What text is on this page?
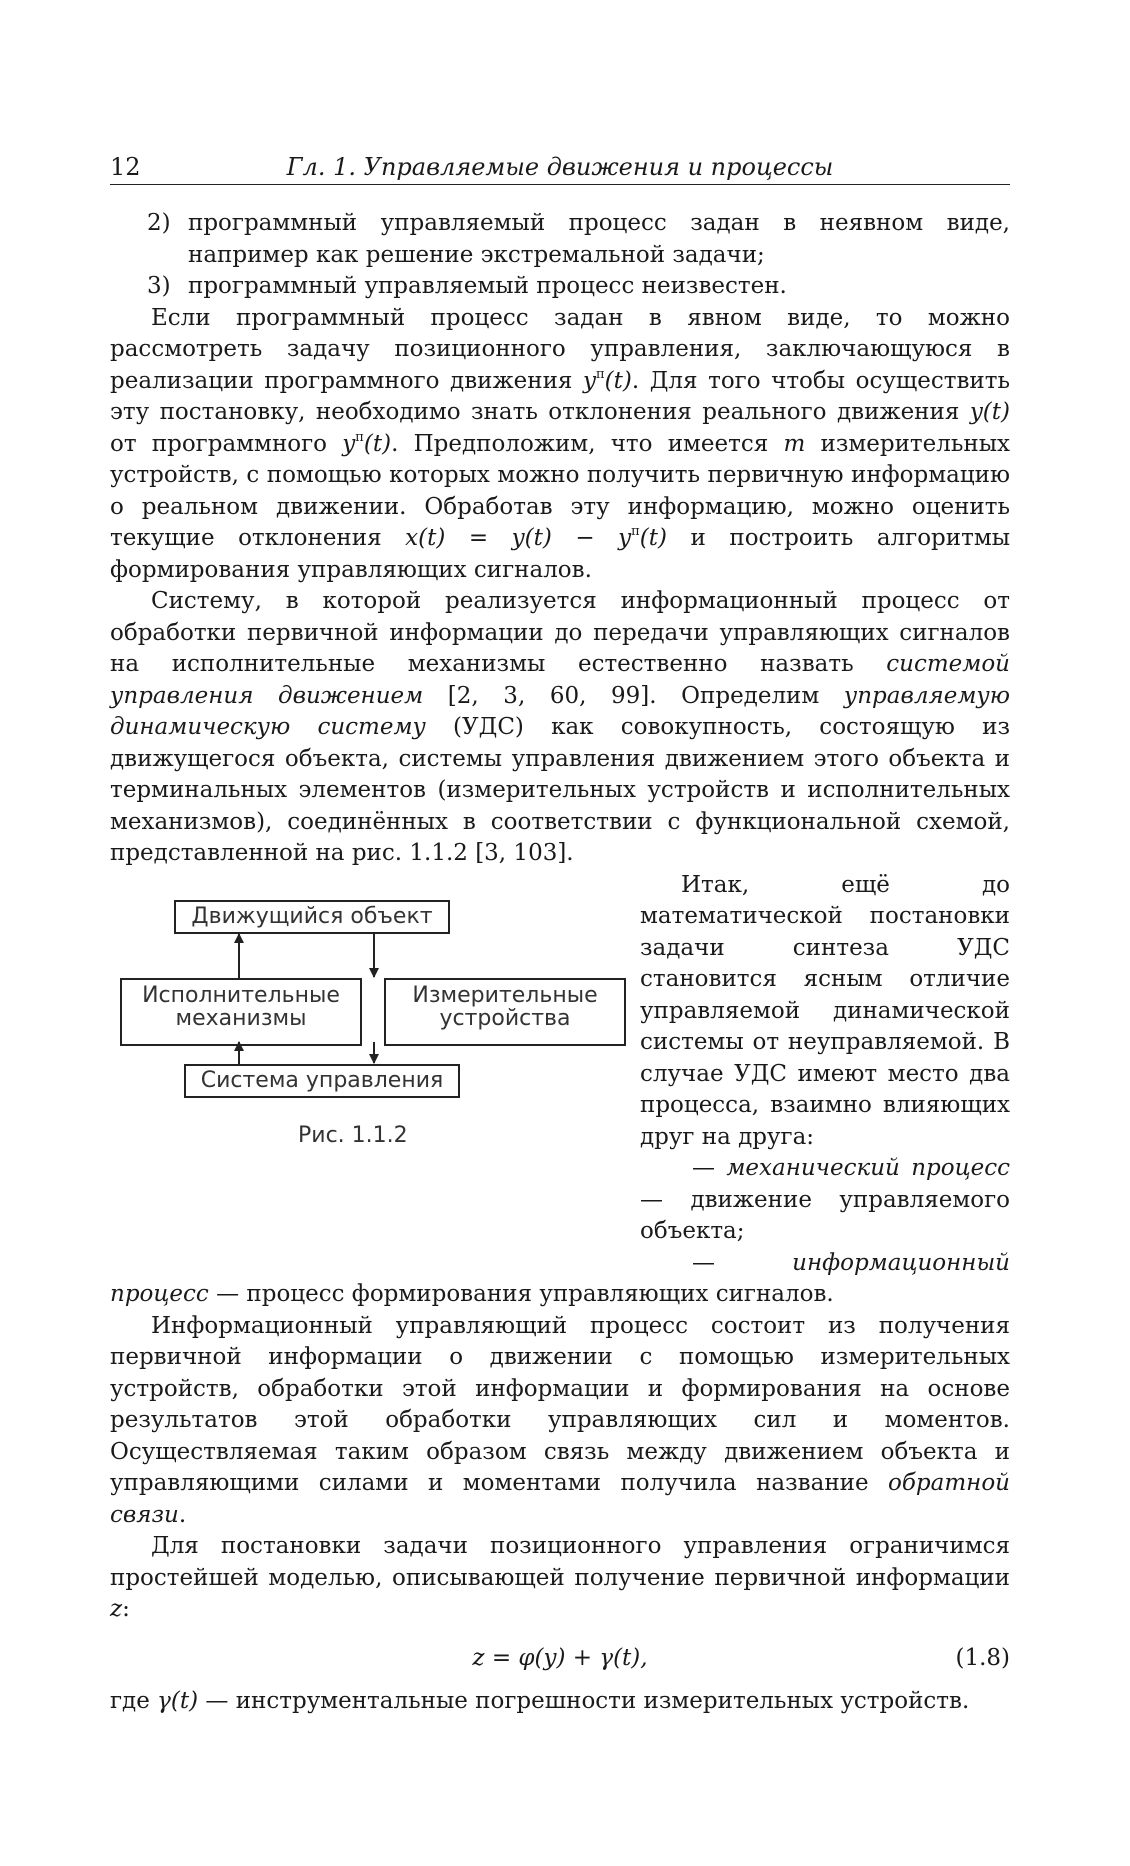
12	Гл. 1. Управляемые движения и процессы

2) программный управляемый процесс задан в неявном виде, например как решение экстремальной задачи;

3) программный управляемый процесс неизвестен.

Если программный процесс задан в явном виде, то можно рассмотреть задачу позиционного управления, заключающуюся в реализации программного движения $y^п(t)$. Для того чтобы осуществить эту постановку, необходимо знать отклонения реального движения y(t) от программного $y^п(t)$. Предположим, что имеется m измерительных устройств, с помощью которых можно получить первичную информацию о реальном движении. Обработав эту информацию, можно оценить текущие отклонения $x(t) = y(t) - y^п(t)$ и построить алгоритмы формирования управляющих сигналов.

Систему, в которой реализуется информационный процесс от обработки первичной информации до передачи управляющих сигналов на исполнительные механизмы естественно назвать системой управления движением [2, 3, 60, 99]. Определим управляемую динамическую систему (УДС) как совокупность, состоящую из движущегося объекта, системы управления движением этого объекта и терминальных элементов (измерительных устройств и исполнительных механизмов), соединённых в соответствии с функциональной схемой, представленной на рис. 1.1.2 [3, 103].

Движущийся объект
Исполнительные
механизмы
Измерительные
устройства
Система управления
Рис. 1.1.2

Итак, ещё до математической постановки задачи синтеза УДС становится ясным отличие управляемой динамической системы от неуправляемой. В случае УДС имеют место два процесса, взаимно влияющих друг на друга:

— механический процесс — движение управляемого объекта;

—	информационный процесс — процесс формирования управляющих сигналов.

Информационный управляющий процесс состоит из получения первичной информации о движении с помощью измерительных устройств, обработки этой информации и формирования на основе результатов этой обработки управляющих сил и моментов. Осуществляемая таким образом связь между движением объекта и управляющими силами и моментами получила название обратной связи.

Для постановки задачи позиционного управления ограничимся простейшей моделью, описывающей получение первичной информации z:

z = φ(y) + γ(t),	(1.8)

где γ(t) — инструментальные погрешности измерительных устройств.
